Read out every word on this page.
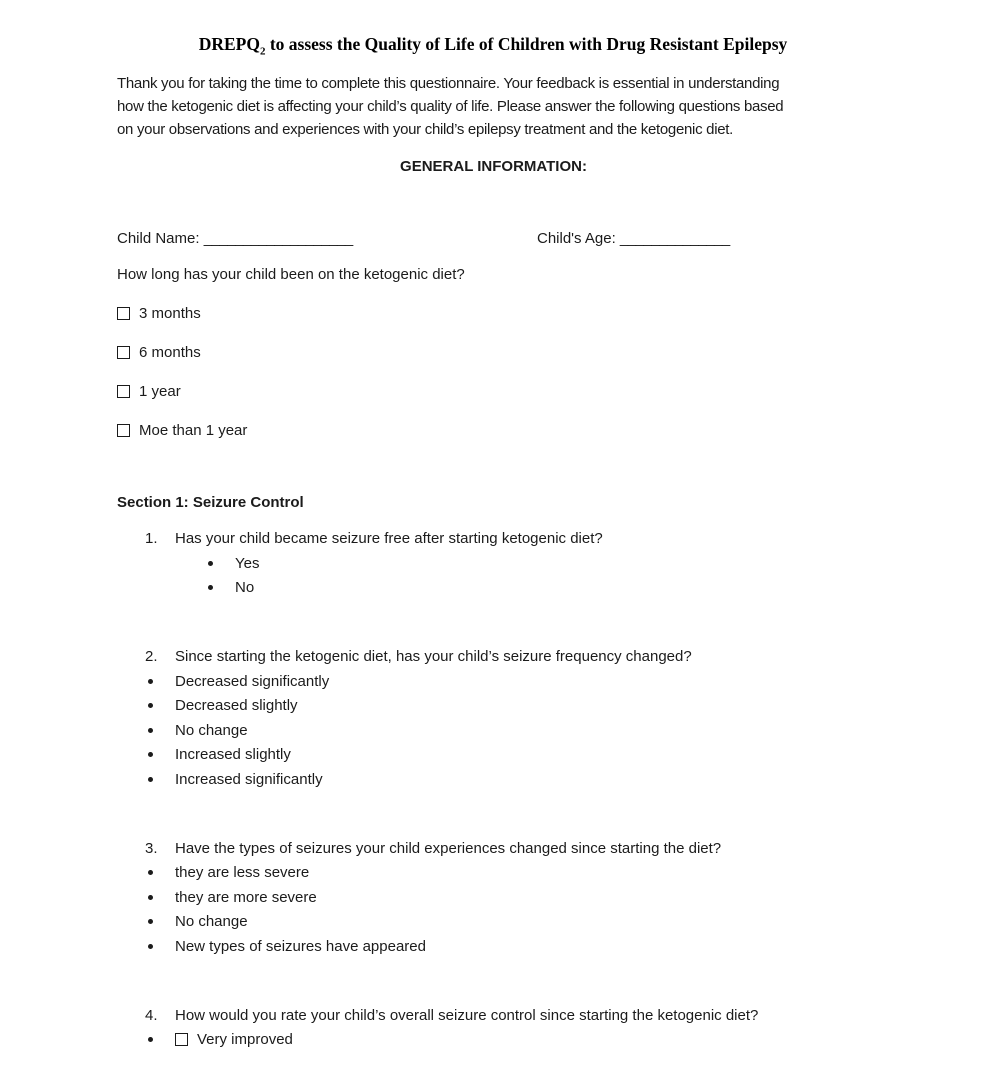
$DREPQ_2$ to assess the Quality of Life of Children with Drug Resistant Epilepsy
Thank you for taking the time to complete this questionnaire. Your feedback is essential in understanding
how the ketogenic diet is affecting your child’s quality of life. Please answer the following questions based
on your observations and experiences with your child’s epilepsy treatment and the ketogenic diet.
GENERAL INFORMATION:
Child Name: ___________________	Child's Age: ______________
How long has your child been on the ketogenic diet?
3 months
6 months
1 year
Moe than 1 year
Section 1: Seizure Control
1.	Has your child became seizure free after starting ketogenic diet?
Yes
No
2.	Since starting the ketogenic diet, has your child’s seizure frequency changed?
Decreased significantly
Decreased slightly
No change
Increased slightly
Increased significantly
3.	Have the types of seizures your child experiences changed since starting the diet?
they are less severe
they are more severe
No change
New types of seizures have appeared
4.	How would you rate your child’s overall seizure control since starting the ketogenic diet?
Very improved
